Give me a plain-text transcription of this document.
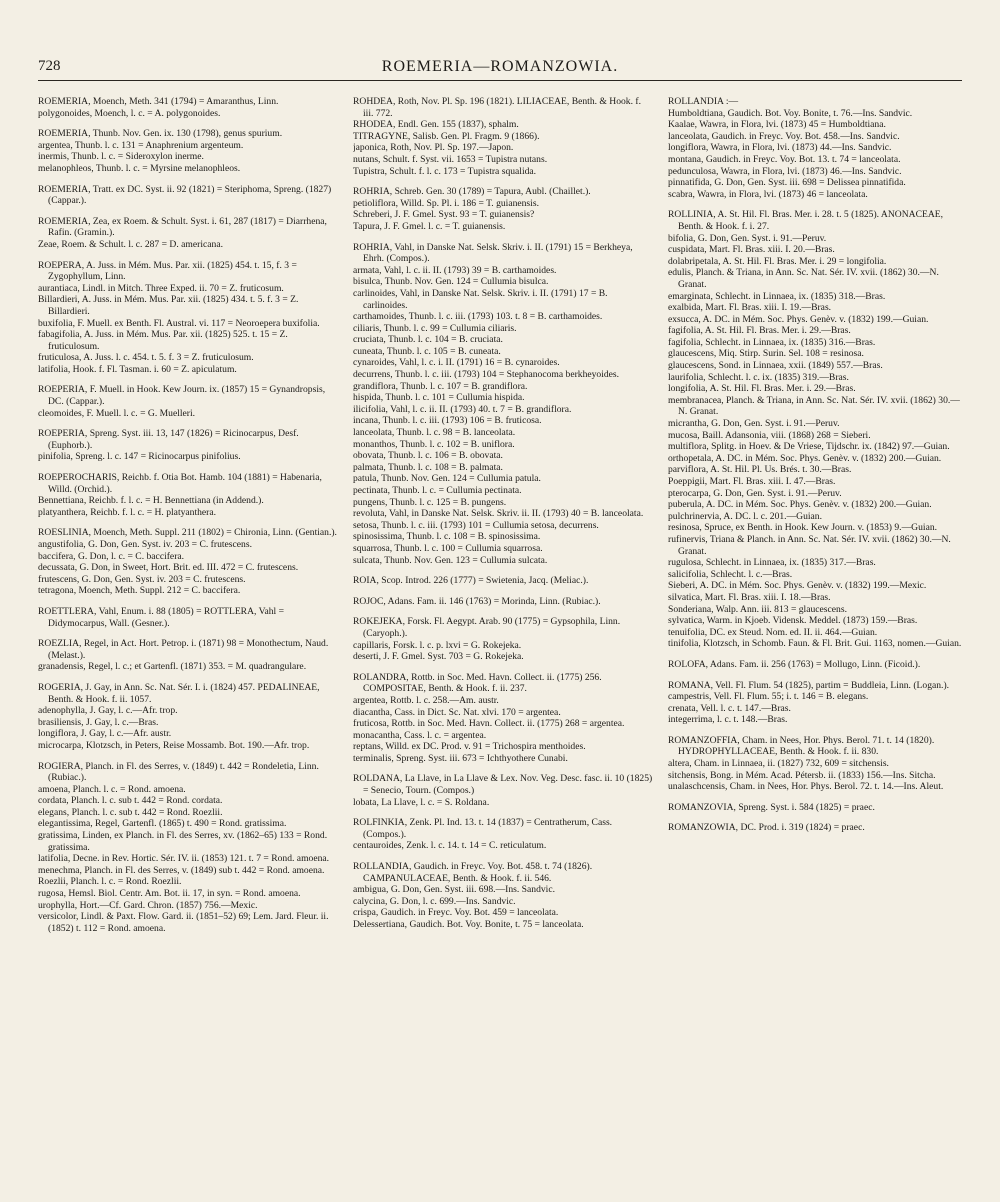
728	ROEMERIA—ROMANZOWIA.

ROEMERIA, Moench, Meth. 341 (1794) = Amaranthus, Linn.

polygonoides, Moench, l. c. = A. polygonoides.

ROEMERIA, Thunb. Nov. Gen. ix. 130 (1798), genus spurium.

argentea, Thunb. l. c. 131 = Anaphrenium argenteum.

inermis, Thunb. l. c. = Sideroxylon inerme.

melanophleos, Thunb. l. c. = Myrsine melanophleos.

ROEMERIA, Tratt. ex DC. Syst. ii. 92 (1821) = Steriphoma, Spreng. (1827) (Cappar.).

ROEMERIA, Zea, ex Roem. & Schult. Syst. i. 61, 287 (1817) = Diarrhena, Rafin. (Gramin.).

Zeae, Roem. & Schult. l. c. 287 = D. americana.

ROEPERA, A. Juss. in Mém. Mus. Par. xii. (1825) 454. t. 15, f. 3 = Zygophyllum, Linn.

aurantiaca, Lindl. in Mitch. Three Exped. ii. 70 = Z. fruticosum.

Billardieri, A. Juss. in Mém. Mus. Par. xii. (1825) 434. t. 5. f. 3 = Z. Billardieri.

buxifolia, F. Muell. ex Benth. Fl. Austral. vi. 117 = Neoroepera buxifolia.

fabagifolia, A. Juss. in Mém. Mus. Par. xii. (1825) 525. t. 15 = Z. fruticulosum.

fruticulosa, A. Juss. l. c. 454. t. 5. f. 3 = Z. fruticulosum.

latifolia, Hook. f. Fl. Tasman. i. 60 = Z. apiculatum.

ROEPERIA, F. Muell. in Hook. Kew Journ. ix. (1857) 15 = Gynandropsis, DC. (Cappar.).

cleomoides, F. Muell. l. c. = G. Muelleri.

ROEPERIA, Spreng. Syst. iii. 13, 147 (1826) = Ricinocarpus, Desf. (Euphorb.).

pinifolia, Spreng. l. c. 147 = Ricinocarpus pinifolius.

ROEPEROCHARIS, Reichb. f. Otia Bot. Hamb. 104 (1881) = Habenaria, Willd. (Orchid.).

Bennettiana, Reichb. f. l. c. = H. Bennettiana (in Addend.).

platyanthera, Reichb. f. l. c. = H. platyanthera.

ROESLINIA, Moench, Meth. Suppl. 211 (1802) = Chironia, Linn. (Gentian.).

angustifolia, G. Don, Gen. Syst. iv. 203 = C. frutescens.

baccifera, G. Don, l. c. = C. baccifera.

decussata, G. Don, in Sweet, Hort. Brit. ed. III. 472 = C. frutescens.

frutescens, G. Don, Gen. Syst. iv. 203 = C. frutescens.

tetragona, Moench, Meth. Suppl. 212 = C. baccifera.

ROETTLERA, Vahl, Enum. i. 88 (1805) = ROTTLERA, Vahl = Didymocarpus, Wall. (Gesner.).

ROEZLIA, Regel, in Act. Hort. Petrop. i. (1871) 98 = Monothectum, Naud. (Melast.).

granadensis, Regel, l. c.; et Gartenfl. (1871) 353. = M. quadrangulare.

ROGERIA, J. Gay, in Ann. Sc. Nat. Sér. I. i. (1824) 457. PEDALINEAE, Benth. & Hook. f. ii. 1057.

adenophylla, J. Gay, l. c.—Afr. trop.

brasiliensis, J. Gay, l. c.—Bras.

longiflora, J. Gay, l. c.—Afr. austr.

microcarpa, Klotzsch, in Peters, Reise Mossamb. Bot. 190.—Afr. trop.

ROGIERA, Planch. in Fl. des Serres, v. (1849) t. 442 = Rondeletia, Linn. (Rubiac.).

amoena, Planch. l. c. = Rond. amoena.

cordata, Planch. l. c. sub t. 442 = Rond. cordata.

elegans, Planch. l. c. sub t. 442 = Rond. Roezlii.

elegantissima, Regel, Gartenfl. (1865) t. 490 = Rond. gratissima.

gratissima, Linden, ex Planch. in Fl. des Serres, xv. (1862–65) 133 = Rond. gratissima.

latifolia, Decne. in Rev. Hortic. Sér. IV. ii. (1853) 121. t. 7 = Rond. amoena.

menechma, Planch. in Fl. des Serres, v. (1849) sub t. 442 = Rond. amoena.

Roezlii, Planch. l. c. = Rond. Roezlii.

rugosa, Hemsl. Biol. Centr. Am. Bot. ii. 17, in syn. = Rond. amoena.

urophylla, Hort.—Cf. Gard. Chron. (1857) 756.—Mexic.

versicolor, Lindl. & Paxt. Flow. Gard. ii. (1851–52) 69; Lem. Jard. Fleur. ii. (1852) t. 112 = Rond. amoena.

ROHDEA, Roth, Nov. Pl. Sp. 196 (1821). LILIACEAE, Benth. & Hook. f. iii. 772.

RHODEA, Endl. Gen. 155 (1837), sphalm.

TITRAGYNE, Salisb. Gen. Pl. Fragm. 9 (1866).

japonica, Roth, Nov. Pl. Sp. 197.—Japon.

nutans, Schult. f. Syst. vii. 1653 = Tupistra nutans.

Tupistra, Schult. f. l. c. 173 = Tupistra squalida.

ROHRIA, Schreb. Gen. 30 (1789) = Tapura, Aubl. (Chaillet.).

petioliflora, Willd. Sp. Pl. i. 186 = T. guianensis.

Schreberi, J. F. Gmel. Syst. 93 = T. guianensis?

Tapura, J. F. Gmel. l. c. = T. guianensis.

ROHRIA, Vahl, in Danske Nat. Selsk. Skriv. i. II. (1791) 15 = Berkheya, Ehrh. (Compos.).

armata, Vahl, l. c. ii. II. (1793) 39 = B. carthamoides.

bisulca, Thunb. Nov. Gen. 124 = Cullumia bisulca.

carlinoides, Vahl, in Danske Nat. Selsk. Skriv. i. II. (1791) 17 = B. carlinoides.

carthamoides, Thunb. l. c. iii. (1793) 103. t. 8 = B. carthamoides.

ciliaris, Thunb. l. c. 99 = Cullumia ciliaris.

cruciata, Thunb. l. c. 104 = B. cruciata.

cuneata, Thunb. l. c. 105 = B. cuneata.

cynaroides, Vahl, l. c. i. II. (1791) 16 = B. cynaroides.

decurrens, Thunb. l. c. iii. (1793) 104 = Stephanocoma berkheyoides.

grandiflora, Thunb. l. c. 107 = B. grandiflora.

hispida, Thunb. l. c. 101 = Cullumia hispida.

ilicifolia, Vahl, l. c. ii. II. (1793) 40. t. 7 = B. grandiflora.

incana, Thunb. l. c. iii. (1793) 106 = B. fruticosa.

lanceolata, Thunb. l. c. 98 = B. lanceolata.

monanthos, Thunb. l. c. 102 = B. uniflora.

obovata, Thunb. l. c. 106 = B. obovata.

palmata, Thunb. l. c. 108 = B. palmata.

patula, Thunb. Nov. Gen. 124 = Cullumia patula.

pectinata, Thunb. l. c. = Cullumia pectinata.

pungens, Thunb. l. c. 125 = B. pungens.

revoluta, Vahl, in Danske Nat. Selsk. Skriv. ii. II. (1793) 40 = B. lanceolata.

setosa, Thunb. l. c. iii. (1793) 101 = Cullumia setosa, decurrens.

spinosissima, Thunb. l. c. 108 = B. spinosissima.

squarrosa, Thunb. l. c. 100 = Cullumia squarrosa.

sulcata, Thunb. Nov. Gen. 123 = Cullumia sulcata.

ROIA, Scop. Introd. 226 (1777) = Swietenia, Jacq. (Meliac.).

ROJOC, Adans. Fam. ii. 146 (1763) = Morinda, Linn. (Rubiac.).

ROKEJEKA, Forsk. Fl. Aegypt. Arab. 90 (1775) = Gypsophila, Linn. (Caryoph.).

capillaris, Forsk. l. c. p. lxvi = G. Rokejeka.

deserti, J. F. Gmel. Syst. 703 = G. Rokejeka.

ROLANDRA, Rottb. in Soc. Med. Havn. Collect. ii. (1775) 256. COMPOSITAE, Benth. & Hook. f. ii. 237.

argentea, Rottb. l. c. 258.—Am. austr.

diacantha, Cass. in Dict. Sc. Nat. xlvi. 170 = argentea.

fruticosa, Rottb. in Soc. Med. Havn. Collect. ii. (1775) 268 = argentea.

monacantha, Cass. l. c. = argentea.

reptans, Willd. ex DC. Prod. v. 91 = Trichospira menthoides.

terminalis, Spreng. Syst. iii. 673 = Ichthyothere Cunabi.

ROLDANA, La Llave, in La Llave & Lex. Nov. Veg. Desc. fasc. ii. 10 (1825) = Senecio, Tourn. (Compos.)

lobata, La Llave, l. c. = S. Roldana.

ROLFINKIA, Zenk. Pl. Ind. 13. t. 14 (1837) = Centratherum, Cass. (Compos.).

centauroides, Zenk. l. c. 14. t. 14 = C. reticulatum.

ROLLANDIA, Gaudich. in Freyc. Voy. Bot. 458. t. 74 (1826). CAMPANULACEAE, Benth. & Hook. f. ii. 546.

ambigua, G. Don, Gen. Syst. iii. 698.—Ins. Sandvic.

calycina, G. Don, l. c. 699.—Ins. Sandvic.

crispa, Gaudich. in Freyc. Voy. Bot. 459 = lanceolata.

Delessertiana, Gaudich. Bot. Voy. Bonite, t. 75 = lanceolata.

ROLLANDIA :—

Humboldtiana, Gaudich. Bot. Voy. Bonite, t. 76.—Ins. Sandvic.

Kaalae, Wawra, in Flora, lvi. (1873) 45 = Humboldtiana.

lanceolata, Gaudich. in Freyc. Voy. Bot. 458.—Ins. Sandvic.

longiflora, Wawra, in Flora, lvi. (1873) 44.—Ins. Sandvic.

montana, Gaudich. in Freyc. Voy. Bot. 13. t. 74 = lanceolata.

pedunculosa, Wawra, in Flora, lvi. (1873) 46.—Ins. Sandvic.

pinnatifida, G. Don, Gen. Syst. iii. 698 = Delissea pinnatifida.

scabra, Wawra, in Flora, lvi. (1873) 46 = lanceolata.

ROLLINIA, A. St. Hil. Fl. Bras. Mer. i. 28. t. 5 (1825). ANONACEAE, Benth. & Hook. f. i. 27.

bifolia, G. Don, Gen. Syst. i. 91.—Peruv.

cuspidata, Mart. Fl. Bras. xiii. I. 20.—Bras.

dolabripetala, A. St. Hil. Fl. Bras. Mer. i. 29 = longifolia.

edulis, Planch. & Triana, in Ann. Sc. Nat. Sér. IV. xvii. (1862) 30.—N. Granat.

emarginata, Schlecht. in Linnaea, ix. (1835) 318.—Bras.

exalbida, Mart. Fl. Bras. xiii. I. 19.—Bras.

exsucca, A. DC. in Mém. Soc. Phys. Genèv. v. (1832) 199.—Guian.

fagifolia, A. St. Hil. Fl. Bras. Mer. i. 29.—Bras.

fagifolia, Schlecht. in Linnaea, ix. (1835) 316.—Bras.

glaucescens, Miq. Stirp. Surin. Sel. 108 = resinosa.

glaucescens, Sond. in Linnaea, xxii. (1849) 557.—Bras.

laurifolia, Schlecht. l. c. ix. (1835) 319.—Bras.

longifolia, A. St. Hil. Fl. Bras. Mer. i. 29.—Bras.

membranacea, Planch. & Triana, in Ann. Sc. Nat. Sér. IV. xvii. (1862) 30.—N. Granat.

micrantha, G. Don, Gen. Syst. i. 91.—Peruv.

mucosa, Baill. Adansonia, viii. (1868) 268 = Sieberi.

multiflora, Splitg. in Hoev. & De Vriese, Tijdschr. ix. (1842) 97.—Guian.

orthopetala, A. DC. in Mém. Soc. Phys. Genèv. v. (1832) 200.—Guian.

parviflora, A. St. Hil. Pl. Us. Brés. t. 30.—Bras.

Poeppigii, Mart. Fl. Bras. xiii. I. 47.—Bras.

pterocarpa, G. Don, Gen. Syst. i. 91.—Peruv.

puberula, A. DC. in Mém. Soc. Phys. Genèv. v. (1832) 200.—Guian.

pulchrinervia, A. DC. l. c. 201.—Guian.

resinosa, Spruce, ex Benth. in Hook. Kew Journ. v. (1853) 9.—Guian.

rufinervis, Triana & Planch. in Ann. Sc. Nat. Sér. IV. xvii. (1862) 30.—N. Granat.

rugulosa, Schlecht. in Linnaea, ix. (1835) 317.—Bras.

salicifolia, Schlecht. l. c.—Bras.

Sieberi, A. DC. in Mém. Soc. Phys. Genèv. v. (1832) 199.—Mexic.

silvatica, Mart. Fl. Bras. xiii. I. 18.—Bras.

Sonderiana, Walp. Ann. iii. 813 = glaucescens.

sylvatica, Warm. in Kjoeb. Vidensk. Meddel. (1873) 159.—Bras.

tenuifolia, DC. ex Steud. Nom. ed. II. ii. 464.—Guian.

tinifolia, Klotzsch, in Schomb. Faun. & Fl. Brit. Gui. 1163, nomen.—Guian.

ROLOFA, Adans. Fam. ii. 256 (1763) = Mollugo, Linn. (Ficoid.).

ROMANA, Vell. Fl. Flum. 54 (1825), partim = Buddleia, Linn. (Logan.).

campestris, Vell. Fl. Flum. 55; i. t. 146 = B. elegans.

crenata, Vell. l. c. t. 147.—Bras.

integerrima, l. c. t. 148.—Bras.

ROMANZOFFIA, Cham. in Nees, Hor. Phys. Berol. 71. t. 14 (1820). HYDROPHYLLACEAE, Benth. & Hook. f. ii. 830.

altera, Cham. in Linnaea, ii. (1827) 732, 609 = sitchensis.

sitchensis, Bong. in Mém. Acad. Pétersb. ii. (1833) 156.—Ins. Sitcha.

unalaschcensis, Cham. in Nees, Hor. Phys. Berol. 72. t. 14.—Ins. Aleut.

ROMANZOVIA, Spreng. Syst. i. 584 (1825) = praec.

ROMANZOWIA, DC. Prod. i. 319 (1824) = praec.
